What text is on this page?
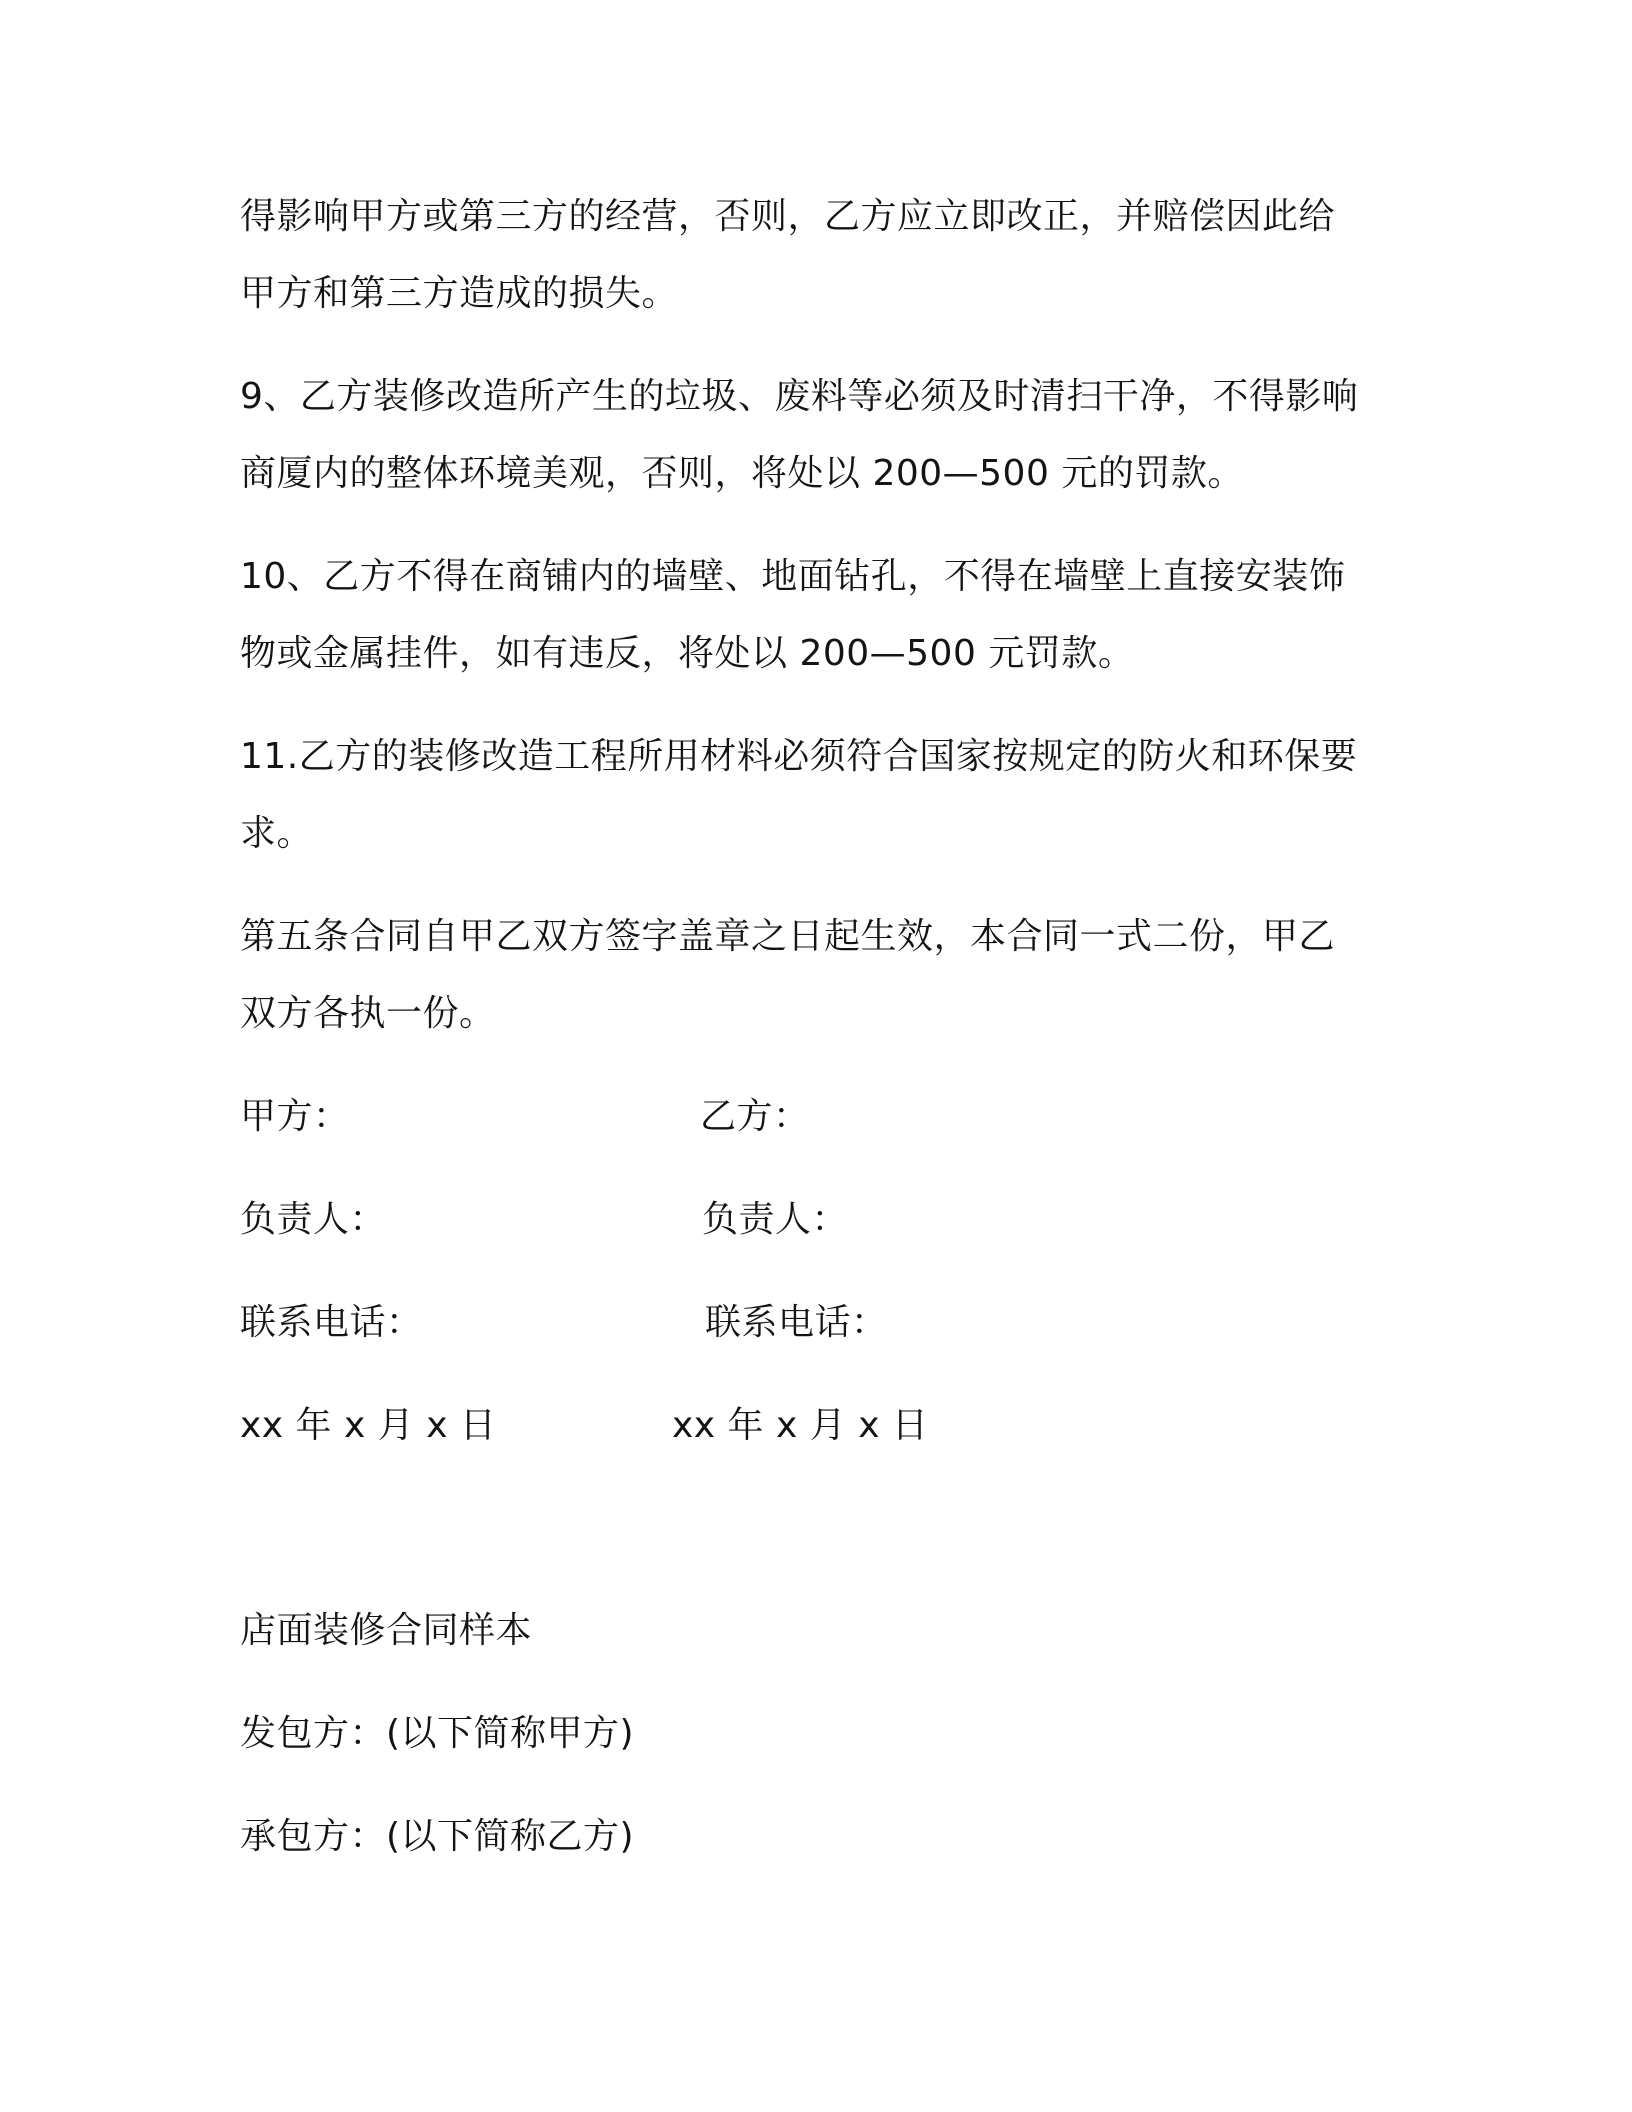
得影响甲方或第三方的经营，否则，乙方应立即改正，并赔偿因此给
甲方和第三方造成的损失。
9、乙方装修改造所产生的垃圾、废料等必须及时清扫干净，不得影响
商厦内的整体环境美观，否则，将处以 200—500 元的罚款。
10、乙方不得在商铺内的墙壁、地面钻孔，不得在墙壁上直接安装饰
物或金属挂件，如有违反，将处以 200—500 元罚款。
11.乙方的装修改造工程所用材料必须符合国家按规定的防火和环保要
求。
第五条合同自甲乙双方签字盖章之日起生效，本合同一式二份，甲乙
双方各执一份。
甲方：	乙方：
负责人：	负责人：
联系电话：	联系电话：
xx 年 x 月 x 日	xx 年 x 月 x 日
店面装修合同样本
发包方：(以下简称甲方)
承包方：(以下简称乙方)
